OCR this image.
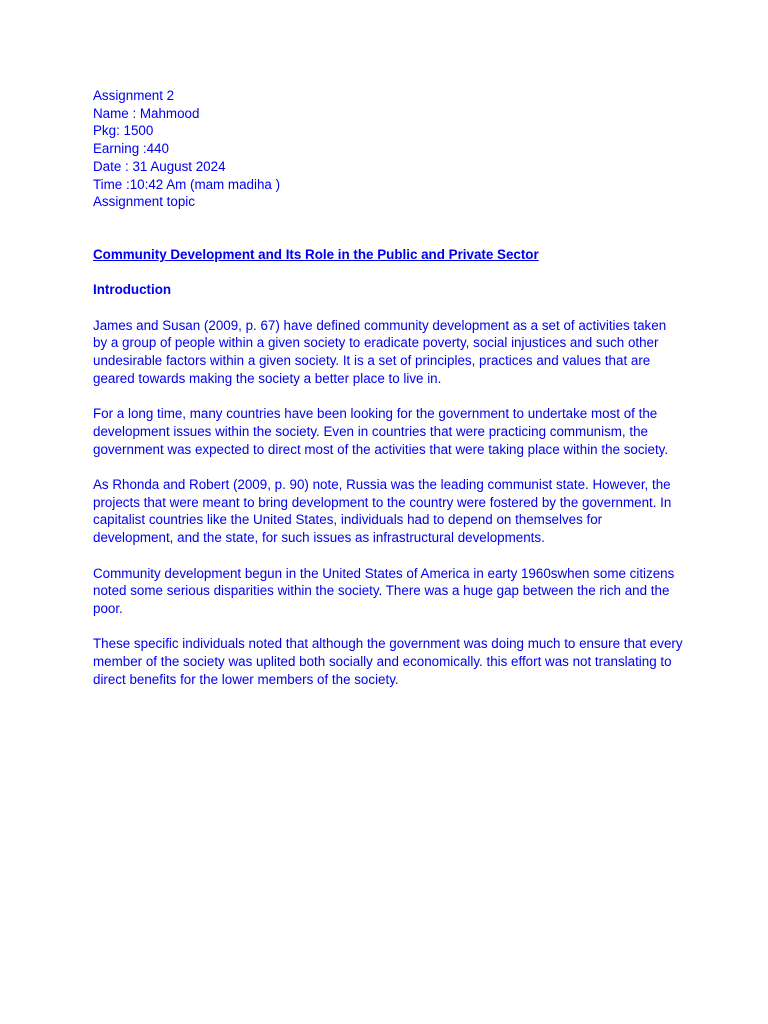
Assignment 2
Name : Mahmood
Pkg: 1500
Earning :440
Date : 31 August 2024
Time :10:42 Am (mam madiha )
Assignment topic
Community Development and Its Role in the Public and Private Sector
Introduction

James and Susan (2009, p. 67) have defined community development as a set of activities taken by a group of people within a given society to eradicate poverty, social injustices and such other undesirable factors within a given society. It is a set of principles, practices and values that are geared towards making the society a better place to live in.

For a long time, many countries have been looking for the government to undertake most of the development issues within the society. Even in countries that were practicing communism, the government was expected to direct most of the activities that were taking place within the society.

As Rhonda and Robert (2009, p. 90) note, Russia was the leading communist state. However, the projects that were meant to bring development to the country were fostered by the government. In capitalist countries like the United States, individuals had to depend on themselves for development, and the state, for such issues as infrastructural developments.

Community development begun in the United States of America in earty 1960swhen some citizens noted some serious disparities within the society. There was a huge gap between the rich and the poor.

These specific individuals noted that although the government was doing much to ensure that every member of the society was uplited both socially and economically. this effort was not translating to direct benefits for the lower members of the society.
